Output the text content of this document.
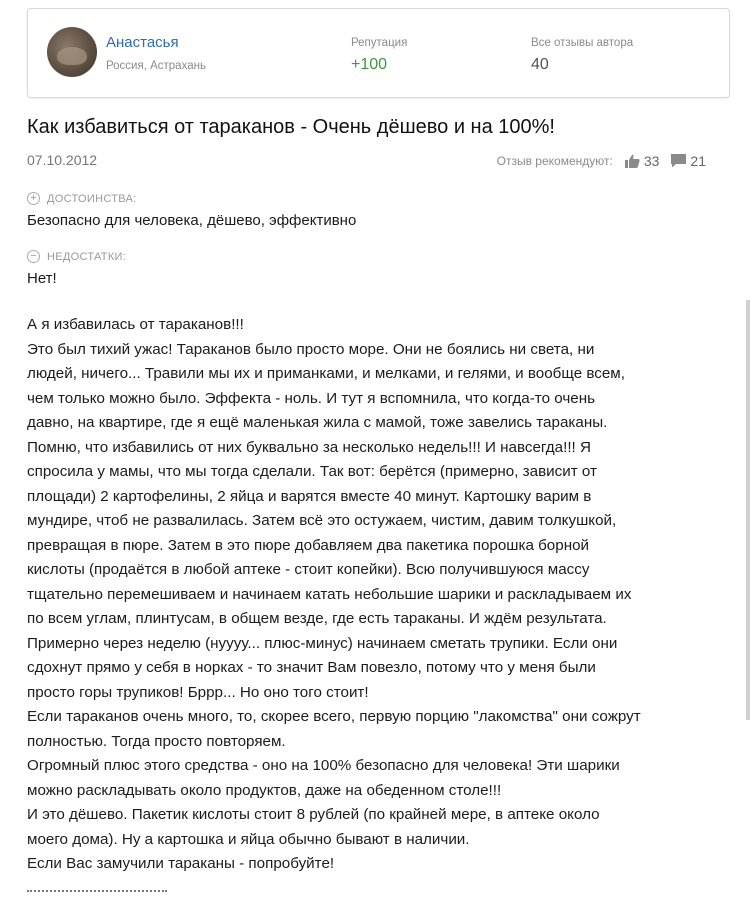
Анастасья
Россия, Астрахань
Репутация
+100
Все отзывы автора
40
Как избавиться от тараканов - Очень дёшево и на 100%!
07.10.2012	Отзыв рекомендуют: 33 21
+ ДОСТОИНСТВА:
Безопасно для человека, дёшево, эффективно
− НЕДОСТАТКИ:
Нет!

А я избавилась от тараканов!!!

Это был тихий ужас! Тараканов было просто море. Они не боялись ни света, ни

людей, ничего... Травили мы их и приманками, и мелками, и гелями, и вообще всем,

чем только можно было. Эффекта - ноль. И тут я вспомнила, что когда-то очень

давно, на квартире, где я ещё маленькая жила с мамой, тоже завелись тараканы.

Помню, что избавились от них буквально за несколько недель!!! И навсегда!!! Я

спросила у мамы, что мы тогда сделали. Так вот: берётся (примерно, зависит от

площади) 2 картофелины, 2 яйца и варятся вместе 40 минут. Картошку варим в

мундире, чтоб не развалилась. Затем всё это остужаем, чистим, давим толкушкой,

превращая в пюре. Затем в это пюре добавляем два пакетика порошка борной

кислоты (продаётся в любой аптеке - стоит копейки). Всю получившуюся массу

тщательно перемешиваем и начинаем катать небольшие шарики и раскладываем их

по всем углам, плинтусам, в общем везде, где есть тараканы. И ждём результата.

Примерно через неделю (нуууу... плюс-минус) начинаем сметать трупики. Если они

сдохнут прямо у себя в норках - то значит Вам повезло, потому что у меня были

просто горы трупиков! Бррр... Но оно того стоит!

Если тараканов очень много, то, скорее всего, первую порцию "лакомства" они сожрут

полностью. Тогда просто повторяем.

Огромный плюс этого средства - оно на 100% безопасно для человека! Эти шарики

можно раскладывать около продуктов, даже на обеденном столе!!!

И это дёшево. Пакетик кислоты стоит 8 рублей (по крайней мере, в аптеке около

моего дома). Ну а картошка и яйца обычно бывают в наличии.

Если Вас замучили тараканы - попробуйте!
